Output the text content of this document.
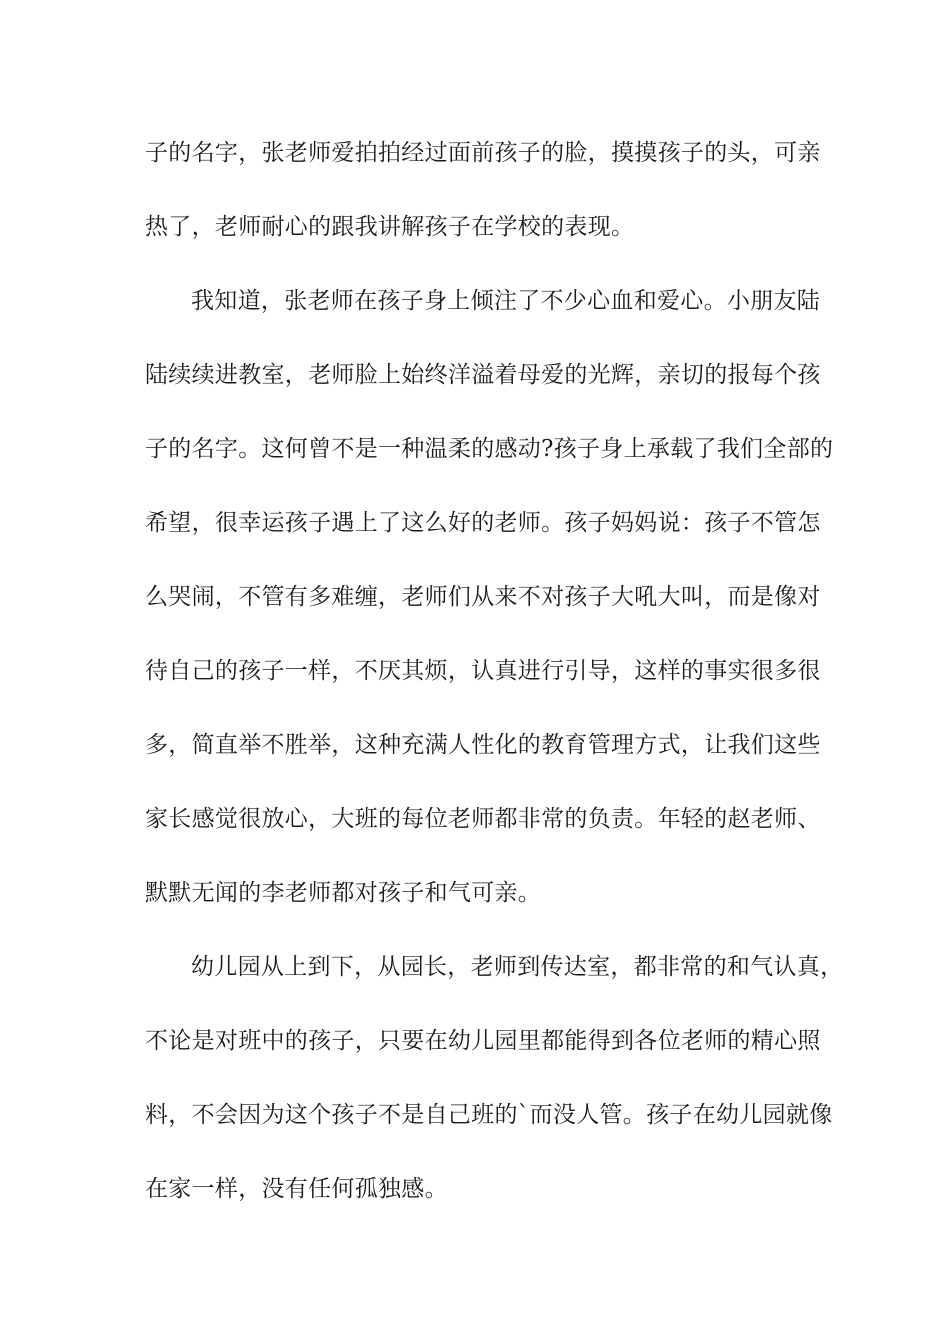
子的名字，张老师爱拍拍经过面前孩子的脸，摸摸孩子的头，可亲
热了，老师耐心的跟我讲解孩子在学校的表现。
我知道，张老师在孩子身上倾注了不少心血和爱心。小朋友陆
陆续续进教室，老师脸上始终洋溢着母爱的光辉，亲切的报每个孩
子的名字。这何曾不是一种温柔的感动?孩子身上承载了我们全部的
希望，很幸运孩子遇上了这么好的老师。孩子妈妈说：孩子不管怎
么哭闹，不管有多难缠，老师们从来不对孩子大吼大叫，而是像对
待自己的孩子一样，不厌其烦，认真进行引导，这样的事实很多很
多，简直举不胜举，这种充满人性化的教育管理方式，让我们这些
家长感觉很放心，大班的每位老师都非常的负责。年轻的赵老师、
默默无闻的李老师都对孩子和气可亲。
幼儿园从上到下，从园长，老师到传达室，都非常的和气认真，
不论是对班中的孩子，只要在幼儿园里都能得到各位老师的精心照
料，不会因为这个孩子不是自己班的`而没人管。孩子在幼儿园就像
在家一样，没有任何孤独感。
